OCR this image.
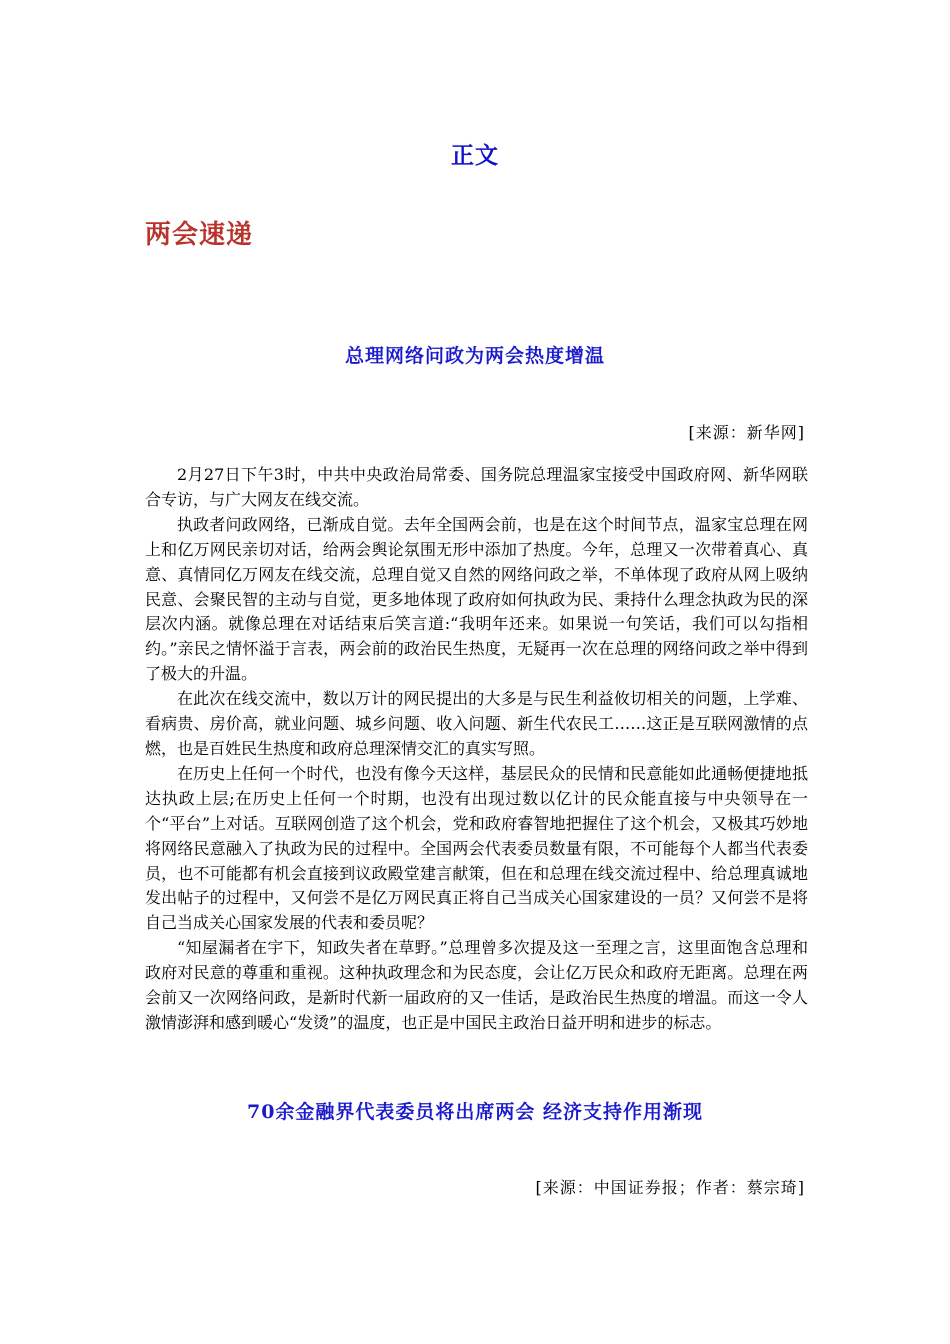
正文
两会速递
总理网络问政为两会热度增温
[来源：新华网]

2月27日下午3时，中共中央政治局常委、国务院总理温家宝接受中国政府网、新华网联合专访，与广大网友在线交流。

执政者问政网络，已渐成自觉。去年全国两会前，也是在这个时间节点，温家宝总理在网上和亿万网民亲切对话，给两会舆论氛围无形中添加了热度。今年，总理又一次带着真心、真意、真情同亿万网友在线交流，总理自觉又自然的网络问政之举，不单体现了政府从网上吸纳民意、会聚民智的主动与自觉，更多地体现了政府如何执政为民、秉持什么理念执政为民的深层次内涵。就像总理在对话结束后笑言道:“我明年还来。如果说一句笑话，我们可以勾指相约。”亲民之情怀溢于言表，两会前的政治民生热度，无疑再一次在总理的网络问政之举中得到了极大的升温。

在此次在线交流中，数以万计的网民提出的大多是与民生利益攸切相关的问题，上学难、看病贵、房价高，就业问题、城乡问题、收入问题、新生代农民工……这正是互联网激情的点燃，也是百姓民生热度和政府总理深情交汇的真实写照。

在历史上任何一个时代，也没有像今天这样，基层民众的民情和民意能如此通畅便捷地抵达执政上层;在历史上任何一个时期，也没有出现过数以亿计的民众能直接与中央领导在一个“平台”上对话。互联网创造了这个机会，党和政府睿智地把握住了这个机会，又极其巧妙地将网络民意融入了执政为民的过程中。全国两会代表委员数量有限，不可能每个人都当代表委员，也不可能都有机会直接到议政殿堂建言献策，但在和总理在线交流过程中、给总理真诚地发出帖子的过程中，又何尝不是亿万网民真正将自己当成关心国家建设的一员？又何尝不是将自己当成关心国家发展的代表和委员呢？

“知屋漏者在宇下，知政失者在草野。”总理曾多次提及这一至理之言，这里面饱含总理和政府对民意的尊重和重视。这种执政理念和为民态度，会让亿万民众和政府无距离。总理在两会前又一次网络问政，是新时代新一届政府的又一佳话，是政治民生热度的增温。而这一令人激情澎湃和感到暖心“发烫”的温度，也正是中国民主政治日益开明和进步的标志。

70余金融界代表委员将出席两会 经济支持作用渐现
[来源：中国证券报；作者：蔡宗琦]
